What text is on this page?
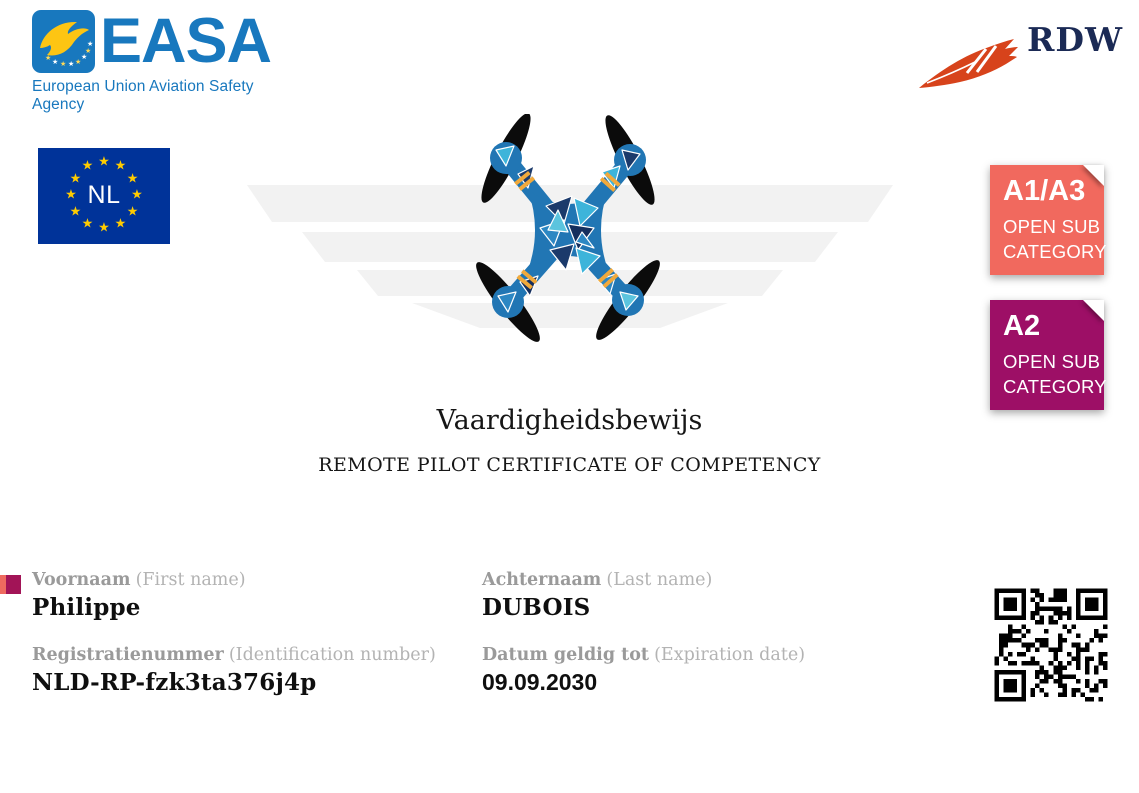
★ ★ ★ ★ ★
★
★
★ EASA
European Union Aviation Safety Agency
RDW
NL
★ ★
★
★
★
★
★
★
★
★
★
★
A1/A3
OPEN SUB
CATEGORY
A2
OPEN SUB
CATEGORY
Vaardigheidsbewijs
REMOTE PILOT CERTIFICATE OF COMPETENCY
Voornaam (First name)
Philippe
Achternaam (Last name)
DUBOIS
Registratienummer (Identification number)
NLD-RP-fzk3ta376j4p
Datum geldig tot (Expiration date)
09.09.2030
